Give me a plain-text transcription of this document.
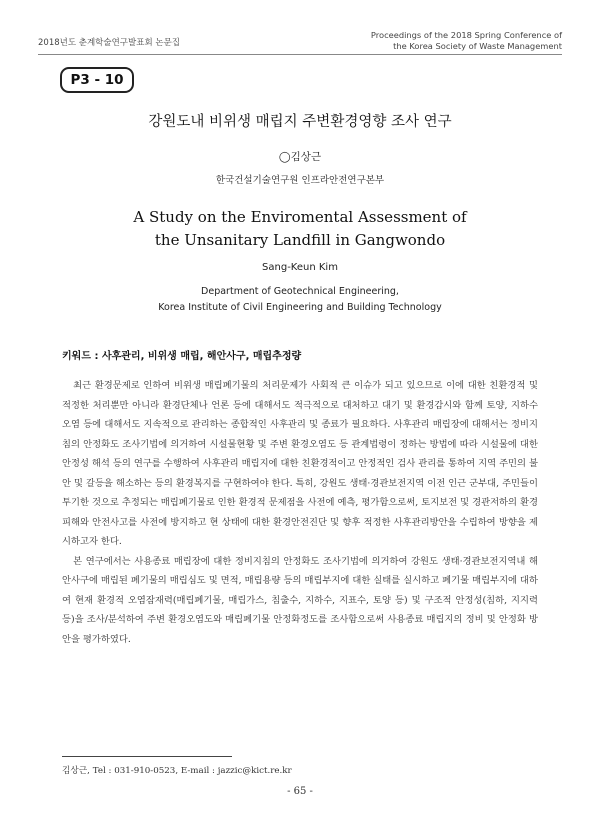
2018년도 춘계학술연구발표회 논문집
Proceedings of the 2018 Spring Conference of
the Korea Society of Waste Management
P3 - 10
강원도내 비위생 매립지 주변환경영향 조사 연구
◯김상근
한국건설기술연구원 인프라안전연구본부
A Study on the Enviromental Assessment of
the Unsanitary Landfill in Gangwondo
Sang-Keun Kim
Department of Geotechnical Engineering,
Korea Institute of Civil Engineering and Building Technology
키워드 : 사후관리, 비위생 매립, 해안사구, 매립추정량

최근 환경문제로 인하여 비위생 매립폐기물의 처리문제가 사회적 큰 이슈가 되고 있으므로 이에 대한 친환경적 및 적정한 처리뿐만 아니라 환경단체나 언론 등에 대해서도 적극적으로 대처하고 대기 및 환경감시와 함께 토양, 지하수 오염 등에 대해서도 지속적으로 관리하는 종합적인 사후관리 및 종료가 필요하다. 사후관리 매립장에 대해서는 정비지침의 안정화도 조사기법에 의거하여 시설물현황 및 주변 환경오염도 등 관계법령이 정하는 방법에 따라 시설물에 대한 안정성 해석 등의 연구를 수행하여 사후관리 매립지에 대한 친환경적이고 안정적인 검사 관리를 통하여 지역 주민의 불안 및 갈등을 해소하는 등의 환경복지를 구현하여야 한다. 특히, 강원도 생태·경관보전지역 이전 인근 군부대, 주민들이 투기한 것으로 추정되는 매립폐기물로 인한 환경적 문제점을 사전에 예측, 평가함으로써, 토지보전 및 경관저하의 환경피해와 안전사고를 사전에 방지하고 현 상태에 대한 환경안전진단 및 향후 적정한 사후관리방안을 수립하여 방향을 제시하고자 한다.

본 연구에서는 사용종료 매립장에 대한 정비지침의 안정화도 조사기법에 의거하여 강원도 생태·경관보전지역내 해안사구에 매립된 폐기물의 매립심도 및 면적, 매립용량 등의 매립부지에 대한 실태를 실시하고 폐기물 매립부지에 대하여 현재 환경적 오염잠재력(매립폐기물, 매립가스, 침출수, 지하수, 지표수, 토양 등) 및 구조적 안정성(침하, 지지력 등)을 조사/분석하여 주변 환경오염도와 매립폐기물 안정화정도를 조사함으로써 사용종료 매립지의 정비 및 안정화 방안을 평가하였다.

김상근, Tel : 031-910-0523, E-mail : jazzic@kict.re.kr
- 65 -
